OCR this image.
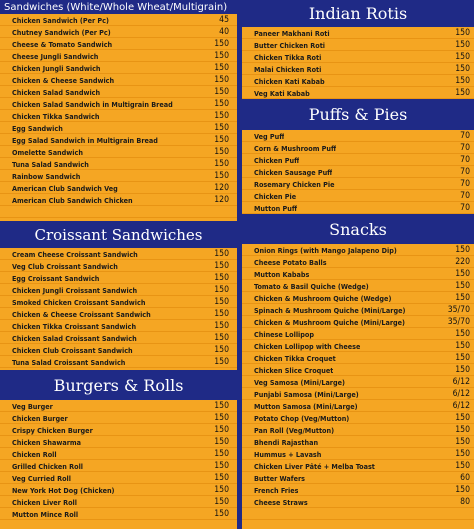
Sandwiches (White/Whole Wheat/Multigrain)
Chicken Sandwich (Per Pc)	45
Chutney Sandwich (Per Pc)	40
Cheese & Tomato Sandwich	150
Cheese Jungli Sandwich	150
Chicken Jungli Sandwich	150
Chicken & Cheese Sandwich	150
Chicken Salad Sandwich	150
Chicken Salad Sandwich in Multigrain Bread	150
Chicken Tikka Sandwich	150
Egg Sandwich	150
Egg Salad Sandwich in Multigrain Bread	150
Omelette Sandwich	150
Tuna Salad Sandwich	150
Rainbow Sandwich	150
American Club Sandwich Veg	120
American Club Sandwich Chicken	120
Croissant Sandwiches
Cream Cheese Croissant Sandwich	150
Veg Club Croissant Sandwich	150
Egg Croissant Sandwich	150
Chicken Jungli Croissant Sandwich	150
Smoked Chicken Croissant Sandwich	150
Chicken & Cheese Croissant Sandwich	150
Chicken Tikka Croissant Sandwich	150
Chicken Salad Croissant Sandwich	150
Chicken Club Croissant Sandwich	150
Tuna Salad Croissant Sandwich	150
Burgers & Rolls
Veg Burger	150
Chicken Burger	150
Crispy Chicken Burger	150
Chicken Shawarma	150
Chicken Roll	150
Grilled Chicken Roll	150
Veg Curried Roll	150
New York Hot Dog (Chicken)	150
Chicken Liver Roll	150
Mutton Mince Roll	150
Indian Rotis
Paneer Makhani Roti	150
Butter Chicken Roti	150
Chicken Tikka Roti	150
Malai Chicken Roti	150
Chicken Kati Kabab	150
Veg Kati Kabab	150
Puffs & Pies
Veg Puff	70
Corn & Mushroom Puff	70
Chicken Puff	70
Chicken Sausage Puff	70
Rosemary Chicken Pie	70
Chicken Pie	70
Mutton Puff	70
Snacks
Onion Rings (with Mango Jalapeno Dip)	150
Cheese Potato Balls	220
Mutton Kababs	150
Tomato & Basil Quiche (Wedge)	150
Chicken & Mushroom Quiche (Wedge)	150
Spinach & Mushroom Quiche (Mini/Large)	35/70
Chicken & Mushroom Quiche (Mini/Large)	35/70
Chinese Lollipop	150
Chicken Lollipop with Cheese	150
Chicken Tikka Croquet	150
Chicken Slice Croquet	150
Veg Samosa (Mini/Large)	6/12
Punjabi Samosa (Mini/Large)	6/12
Mutton Samosa (Mini/Large)	6/12
Potato Chop (Veg/Mutton)	150
Pan Roll (Veg/Mutton)	150
Bhendi Rajasthan	150
Hummus + Lavash	150
Chicken Liver Pâté + Melba Toast	150
Butter Wafers	60
French Fries	150
Cheese Straws	80
